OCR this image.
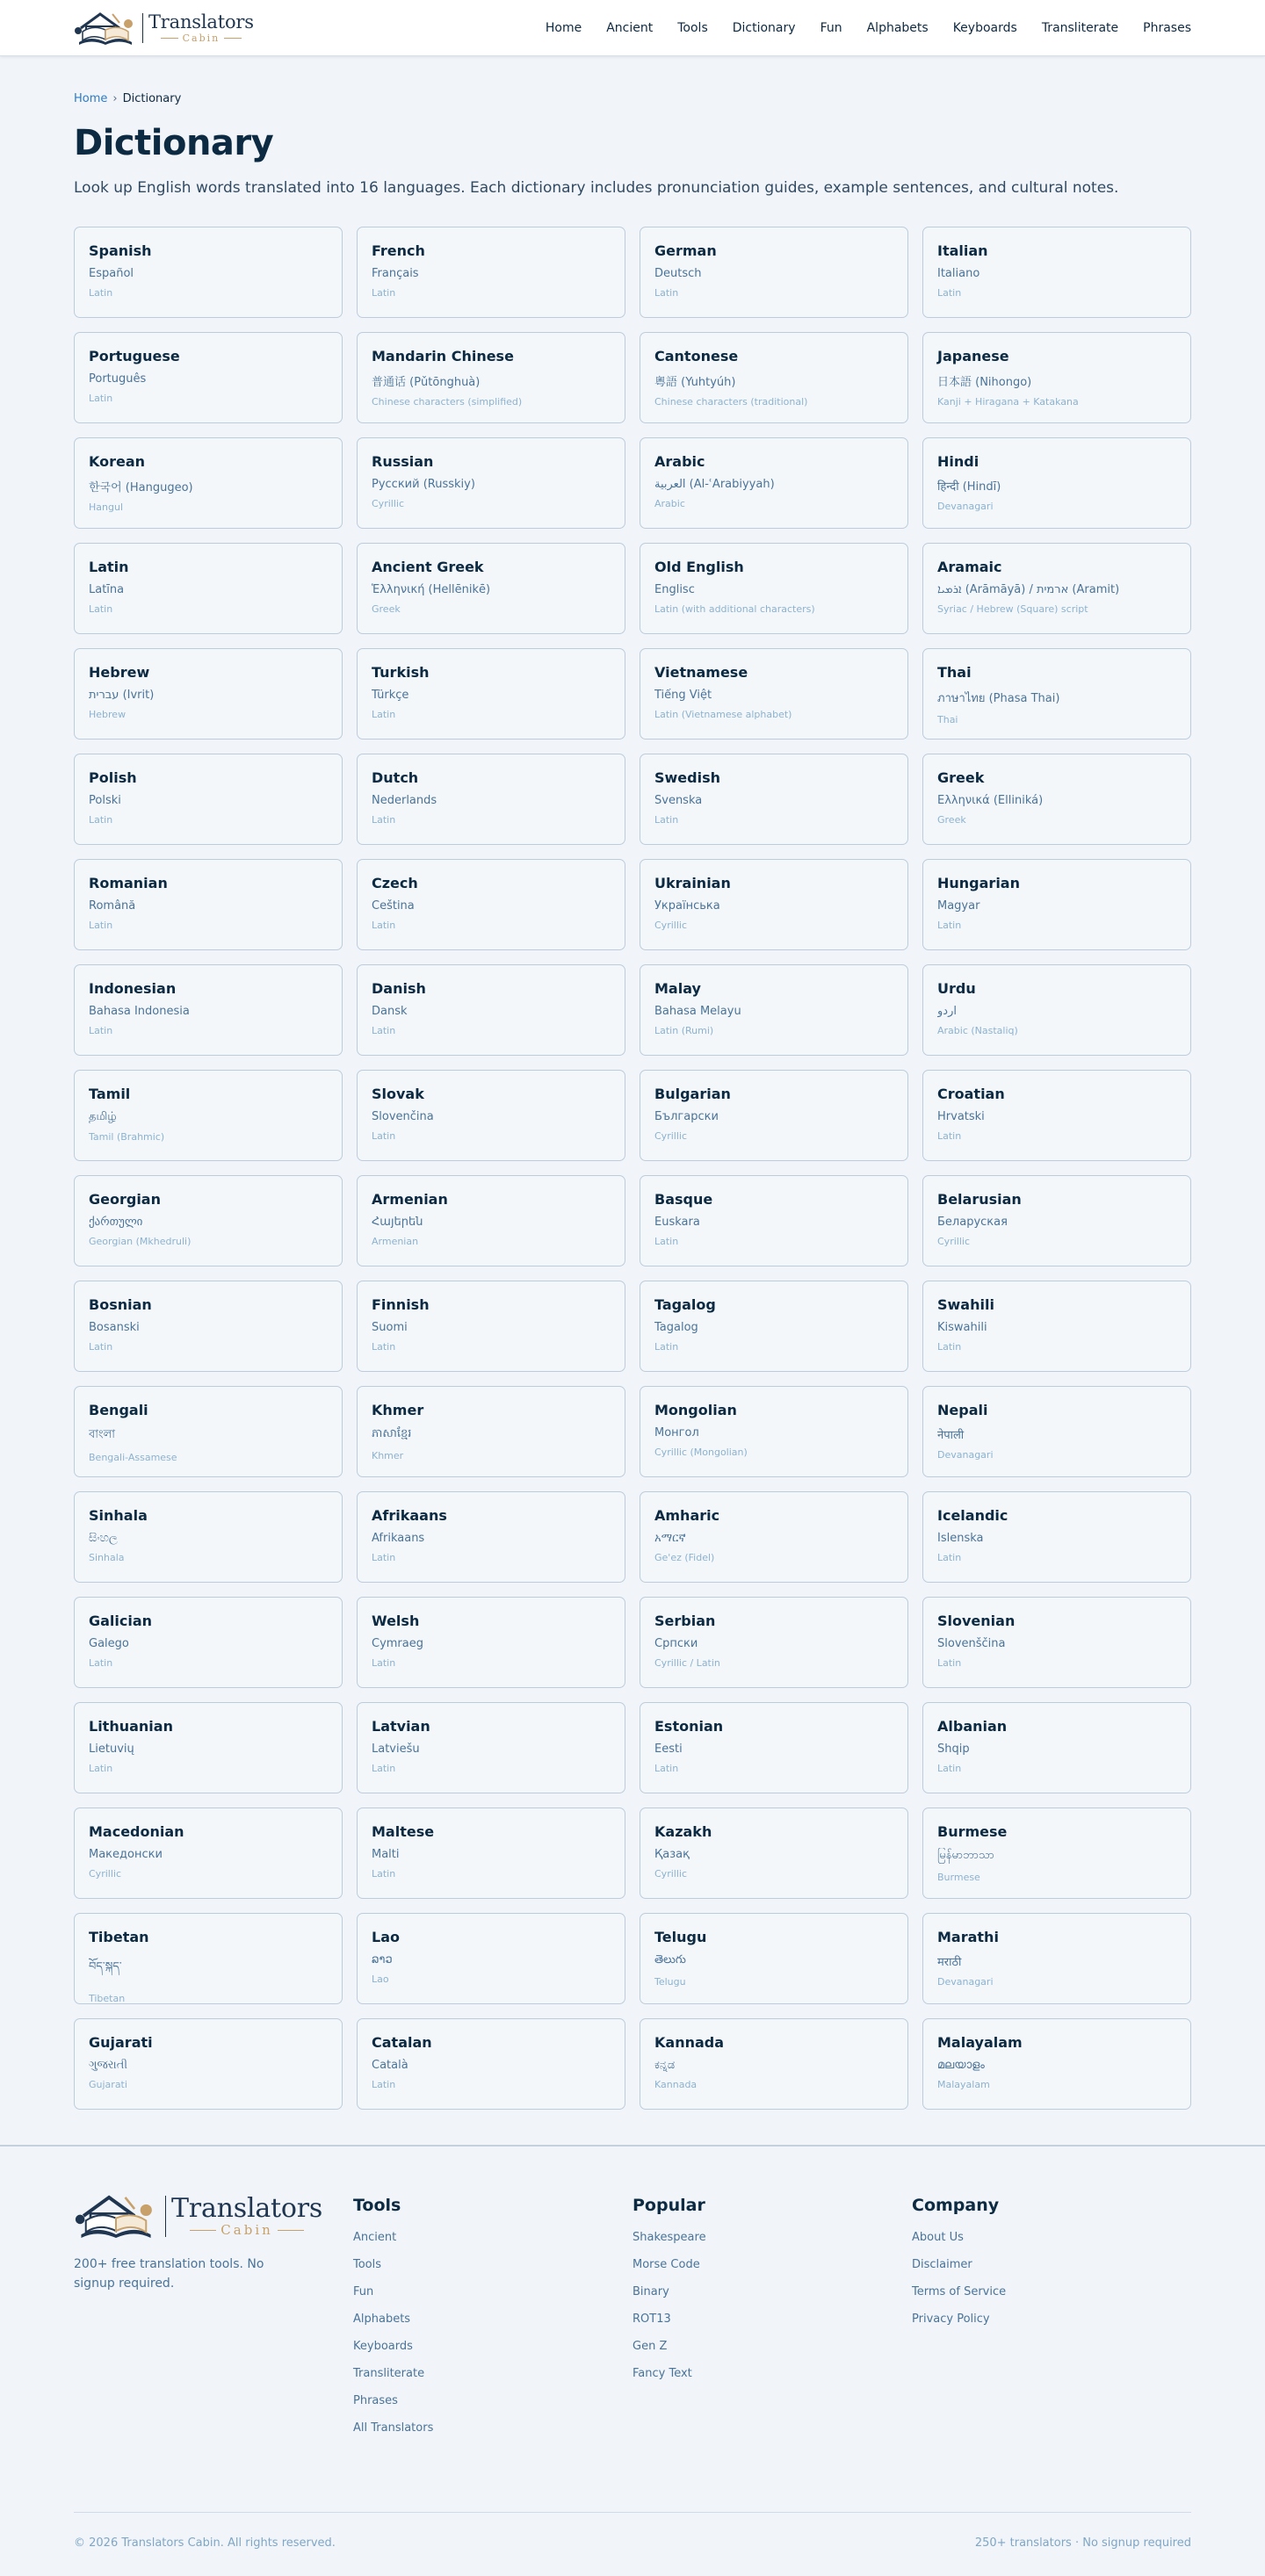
Translators
Cabin
Home Ancient Tools Dictionary Fun Alphabets Keyboards Transliterate Phrases
Home › Dictionary
Dictionary

Look up English words translated into 16 languages. Each dictionary includes pronunciation guides, example sentences, and cultural notes.

Spanish
Español
Latin
French
Français
Latin
German
Deutsch
Latin
Italian
Italiano
Latin
Portuguese
Português
Latin
Mandarin Chinese
普通话 (Pǔtōnghuà)
Chinese characters (simplified)
Cantonese
粵語 (Yuhtyúh)
Chinese characters (traditional)
Japanese
日本語 (Nihongo)
Kanji + Hiragana + Katakana
Korean
한국어 (Hangugeo)
Hangul
Russian
Русский (Russkiy)
Cyrillic
Arabic
العربية (Al-ʿArabiyyah)
Arabic
Hindi
हिन्दी (Hindī)
Devanagari
Latin
Latīna
Latin
Ancient Greek
Ἑλληνική (Hellēnikḗ)
Greek
Old English
Englisc
Latin (with additional characters)
Aramaic
ܐܪܡܝܐ (Ārāmāyā) / ארמית (Aramit)
Syriac / Hebrew (Square) script
Hebrew
עברית (Ivrit)
Hebrew
Turkish
Türkçe
Latin
Vietnamese
Tiếng Việt
Latin (Vietnamese alphabet)
Thai
ภาษาไทย (Phasa Thai)
Thai
Polish
Polski
Latin
Dutch
Nederlands
Latin
Swedish
Svenska
Latin
Greek
Ελληνικά (Elliniká)
Greek
Romanian
Română
Latin
Czech
Čeština
Latin
Ukrainian
Українська
Cyrillic
Hungarian
Magyar
Latin
Indonesian
Bahasa Indonesia
Latin
Danish
Dansk
Latin
Malay
Bahasa Melayu
Latin (Rumi)
Urdu
اردو
Arabic (Nastaliq)
Tamil
தமிழ்
Tamil (Brahmic)
Slovak
Slovenčina
Latin
Bulgarian
Български
Cyrillic
Croatian
Hrvatski
Latin
Georgian
ქართული
Georgian (Mkhedruli)
Armenian
Հայերեն
Armenian
Basque
Euskara
Latin
Belarusian
Беларуская
Cyrillic
Bosnian
Bosanski
Latin
Finnish
Suomi
Latin
Tagalog
Tagalog
Latin
Swahili
Kiswahili
Latin
Bengali
বাংলা
Bengali-Assamese
Khmer
ភាសាខ្មែរ
Khmer
Mongolian
Монгол
Cyrillic (Mongolian)
Nepali
नेपाली
Devanagari
Sinhala
සිංහල
Sinhala
Afrikaans
Afrikaans
Latin
Amharic
አማርኛ
Ge'ez (Fidel)
Icelandic
Íslenska
Latin
Galician
Galego
Latin
Welsh
Cymraeg
Latin
Serbian
Српски
Cyrillic / Latin
Slovenian
Slovenščina
Latin
Lithuanian
Lietuvių
Latin
Latvian
Latviešu
Latin
Estonian
Eesti
Latin
Albanian
Shqip
Latin
Macedonian
Македонски
Cyrillic
Maltese
Malti
Latin
Kazakh
Қазақ
Cyrillic
Burmese
မြန်မာဘာသာ
Burmese
Tibetan
བོད་སྐད་
Tibetan
Lao
ລາວ
Lao
Telugu
తెలుగు
Telugu
Marathi
मराठी
Devanagari
Gujarati
ગુજરાતી
Gujarati
Catalan
Català
Latin
Kannada
ಕನ್ನಡ
Kannada
Malayalam
മലയാളം
Malayalam
Translators
Cabin

200+ free translation tools. No signup required.

Tools
Ancient
Tools
Fun
Alphabets
Keyboards
Transliterate
Phrases
All Translators
Popular
Shakespeare
Morse Code
Binary
ROT13
Gen Z
Fancy Text
Company
About Us
Disclaimer
Terms of Service
Privacy Policy
© 2026 Translators Cabin. All rights reserved.	250+ translators · No signup required
